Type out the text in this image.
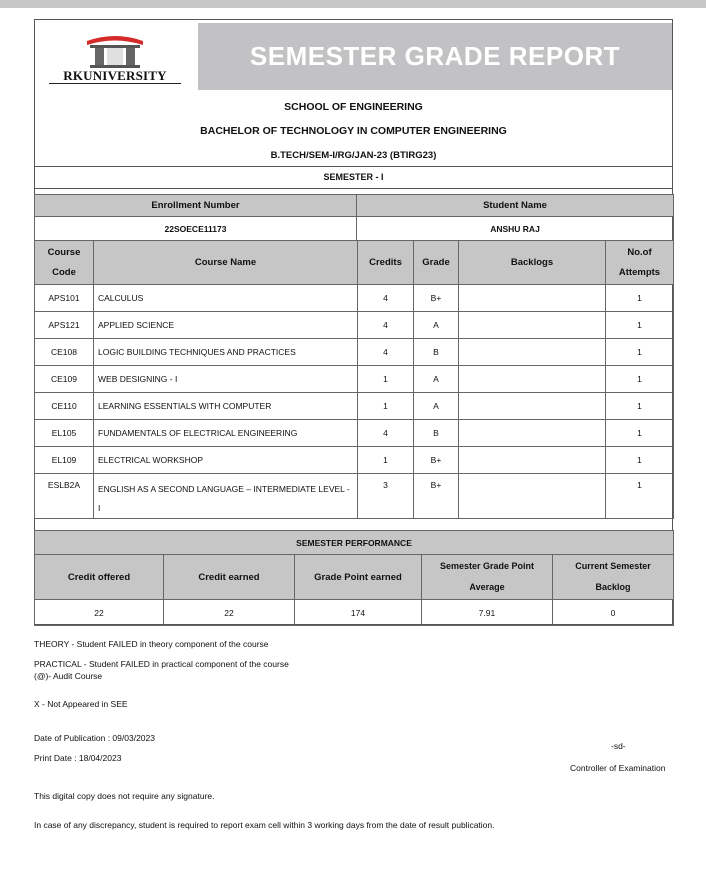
RKUNIVERSITY
SEMESTER GRADE REPORT
SCHOOL OF ENGINEERING
BACHELOR OF TECHNOLOGY IN COMPUTER ENGINEERING
B.TECH/SEM-I/RG/JAN-23 (BTIRG23)
SEMESTER - I
Enrollment Number	Student Name
22SOECE11173	ANSHU RAJ
Course Code	Course Name	Credits	Grade	Backlogs	No.of Attempts
APS101	CALCULUS	4	B+		1
APS121	APPLIED SCIENCE	4	A		1
CE108	LOGIC BUILDING TECHNIQUES AND PRACTICES	4	B		1
CE109	WEB DESIGNING - I	1	A		1
CE110	LEARNING ESSENTIALS WITH COMPUTER	1	A		1
EL105	FUNDAMENTALS OF ELECTRICAL ENGINEERING	4	B		1
EL109	ELECTRICAL WORKSHOP	1	B+		1
ESLB2A	ENGLISH AS A SECOND LANGUAGE – INTERMEDIATE LEVEL - I	3	B+		1
SEMESTER PERFORMANCE				
Credit offered	Credit earned	Grade Point earned	Semester Grade Point Average	Current Semester Backlog
22	22	174	7.91	0
THEORY - Student FAILED in theory component of the course
PRACTICAL - Student FAILED in practical component of the course
(@)- Audit Course
X - Not Appeared in SEE
Date of Publication : 09/03/2023
Print Date : 18/04/2023
-sd-
Controller of Examination
This digital copy does not require any signature.
In case of any discrepancy, student is required to report exam cell within 3 working days from the date of result publication.
